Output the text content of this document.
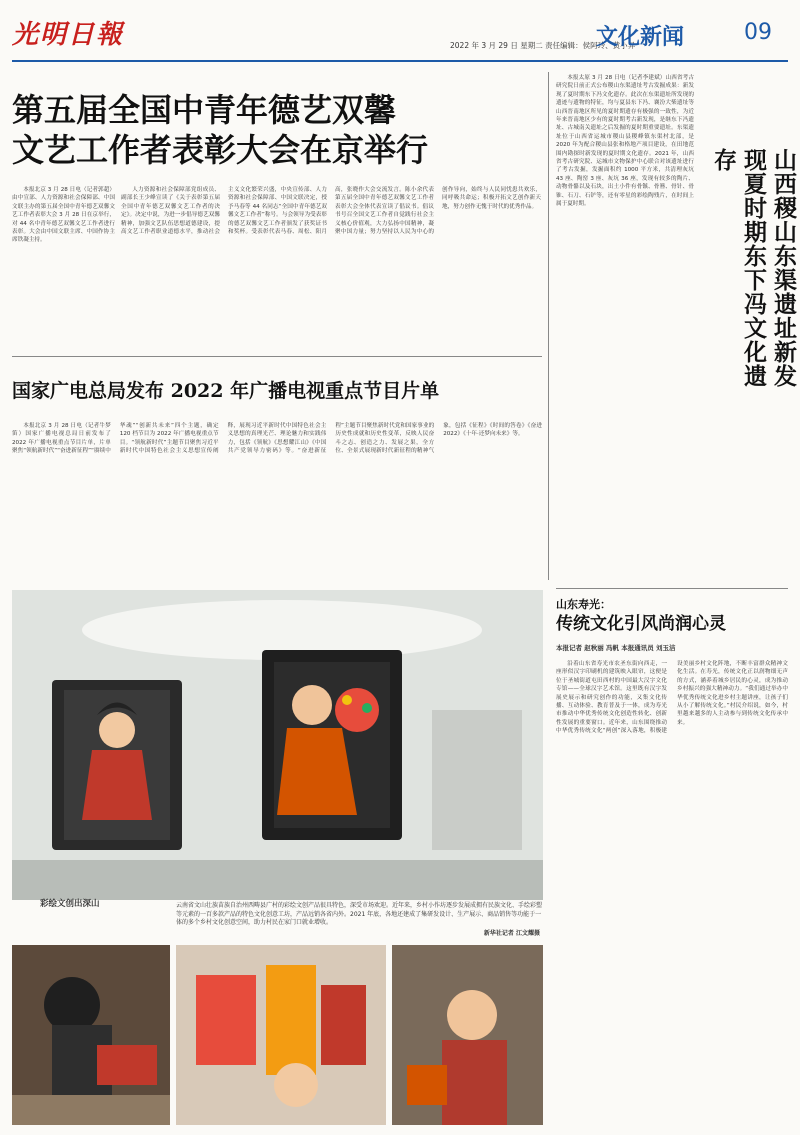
光明日報	2022 年 3 月 29 日 星期二 责任编辑：侯阿玲、黄小异
文化新闻	09
第五届全国中青年德艺双馨
文艺工作者表彰大会在京举行

本报北京 3 月 28 日电（记者郭超）由中宣部、人力资源和社会保障部、中国文联主办的第五届全国中青年德艺双馨文艺工作者表彰大会 3 月 28 日在京举行，对 44 名中青年德艺双馨文艺工作者进行表彰。大会由中国文联主席、中国作协主席铁凝主持。

人力资源和社会保障部党组成员、副部长王少峰宣读了《关于表彰第五届全国中青年德艺双馨文艺工作者的决定》。决定中说，为进一步倡导德艺双馨精神，加强文艺队伍思想道德建设，提高文艺工作者职业道德水平，推动社会主义文化繁荣兴盛，中央宣传部、人力资源和社会保障部、中国文联决定，授予马春等 44 名同志“全国中青年德艺双馨文艺工作者”称号。与会领导为受表彰的德艺双馨文艺工作者颁发了获奖证书和奖杯。受表彰代表马春、周松、阳月高，张晓作大会交流发言。陈小余代表第五届全国中青年德艺双馨文艺工作者表彰大会全体代表宣读了倡议书。倡议书号召全国文艺工作者自觉践行社会主义核心价值观，大力弘扬中国精神，凝聚中国力量；努力坚持以人民为中心的创作导向，始终与人民同忧患共欢乐，同呼吸共命运；积极开拓文艺创作新天地，努力创作无愧于时代的优秀作品。

国家广电总局发布 2022 年广播电视重点节目片单

本报北京 3 月 28 日电（记者牛梦笛）国家广播电视总局日前发布了 2022 年广播电视重点节目片单，片单聚焦“领航新时代”“奋进新征程”“赓续中华魂”“创新共未来”四个主题，确定 120 档节目为 2022 年广播电视重点节目。“领航新时代”主题节目聚焦习近平新时代中国特色社会主义思想宣传阐释，展现习近平新时代中国特色社会主义思想的真理光芒、理论魅力和实践伟力，包括《领航》《思想耀江山》《中国共产党领导力密码》等。“奋进新征程”主题节目聚焦新时代党和国家事业的历史性成就和历史性变革，反映人民奋斗之志、创造之力、发展之果，全方位、全景式展现新时代新征程的精神气象，包括《征程》《时间的答卷》《奋进 2022》《十年·还梦向未来》等。

山西稷山东渠遗址新发现夏时期东下冯文化遗存

本报太原 3 月 28 日电（记者李建斌）山西省考古研究院日前正式公布稷山东渠遗址考古发掘成果：新发现了夏时期东下冯文化遗存。此次在东渠遗址所发现的遗迹与遗物的特征，均与夏县东下冯、襄汾大柴遗址等山西晋南地区所见的夏时期遗存有极强的一致性，为近年来晋南地区少有的夏时期考古新发现，是继东下冯遗址、古城南关遗址之后发掘的夏时期重要遗址。东渠遗址位于山西省运城市稷山县稷峰镇东渠村北部，是 2020 年为配合稷山县张和格地产项目建设，在田地范围内勘探时新发现的夏时期文化遗存。2021 年，山西省考古研究院、运城市文物保护中心联合对该遗址进行了考古发掘，发掘面积约 1000 平方米，共清理灰坑 43 座、陶窑 3 座、灰坑 36 座，发现有较多的陶片、动物骨骼以及石块，出土小件有骨镞、骨簪、骨针、骨锥、石刀、石铲等，还有零星的彩绘陶残片，在时间上属于夏时期。

彩绘文创出深山	云南省文山壮族苗族自治州西畴县广村的彩绘文创产品很具特色，深受市场欢迎。近年来，乡村小作坊逐步发展成拥有民族文化、手绘彩塑等元素的一百多款产品的特色文化创意工坊，产品远销各省内外。2021 年底，各地还建成了集研发设计、生产展示、商品销售等功能于一体的多个乡村文化创意空间，助力村民在家门口就业增收。
新华社记者 江文耀摄
山东寿光：
传统文化引风尚润心灵
本报记者 赵秋丽 冯帆 本报通讯员 刘玉洁

沿着山东省寿光市农圣东街向西走，一座形似汉字印刷机的建筑映入眼帘，这便是位于圣城街道屯田西村的中国最大汉字文化专馆——全球汉字艺术馆。这里既有汉字发展史展示和研究创作的功能，又集文化传播、互动体验、教育普及于一体，成为寿光市推动中华优秀传统文化创造性转化、创新性发展的重要窗口。近年来，山东围绕推动中华优秀传统文化“两创”深入落地，积极建设美丽乡村文化阵地，不断丰富群众精神文化生活。在寿光，传统文化正以润物细无声的方式，涵养着城乡居民的心灵，成为推动乡村振兴的强大精神动力。“我们通过举办中华优秀传统文化进乡村主题讲座，让孩子们从小了解传统文化。”村民介绍说，如今，村里越来越多的人主动参与到传统文化传承中来。
